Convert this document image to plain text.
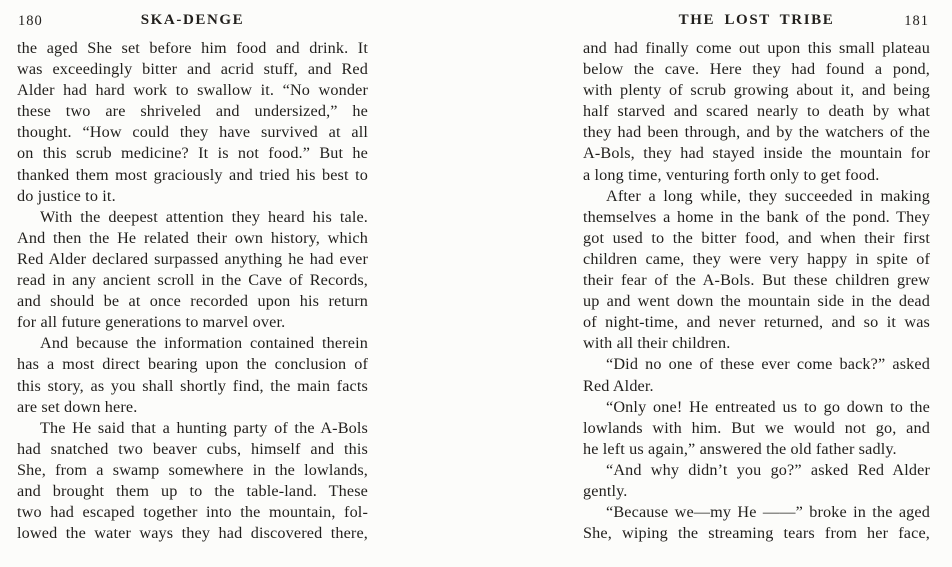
180	SKA-DENGE
the aged She set before him food and drink. It
was exceedingly bitter and acrid stuff, and Red
Alder had hard work to swallow it. “No wonder
these two are shriveled and undersized,” he
thought. “How could they have survived at all
on this scrub medicine? It is not food.” But he
thanked them most graciously and tried his best to
do justice to it.
With the deepest attention they heard his tale.
And then the He related their own history, which
Red Alder declared surpassed anything he had ever
read in any ancient scroll in the Cave of Records,
and should be at once recorded upon his return
for all future generations to marvel over.
And because the information contained therein
has a most direct bearing upon the conclusion of
this story, as you shall shortly find, the main facts
are set down here.
The He said that a hunting party of the A-Bols
had snatched two beaver cubs, himself and this
She, from a swamp somewhere in the lowlands,
and brought them up to the table-land. These
two had escaped together into the mountain, fol-
lowed the water ways they had discovered there,
THE LOST TRIBE	181
and had finally come out upon this small plateau
below the cave. Here they had found a pond,
with plenty of scrub growing about it, and being
half starved and scared nearly to death by what
they had been through, and by the watchers of the
A-Bols, they had stayed inside the mountain for
a long time, venturing forth only to get food.
After a long while, they succeeded in making
themselves a home in the bank of the pond. They
got used to the bitter food, and when their first
children came, they were very happy in spite of
their fear of the A-Bols. But these children grew
up and went down the mountain side in the dead
of night-time, and never returned, and so it was
with all their children.
“Did no one of these ever come back?” asked
Red Alder.
“Only one! He entreated us to go down to the
lowlands with him. But we would not go, and
he left us again,” answered the old father sadly.
“And why didn’t you go?” asked Red Alder
gently.
“Because we—my He ——” broke in the aged
She, wiping the streaming tears from her face,
